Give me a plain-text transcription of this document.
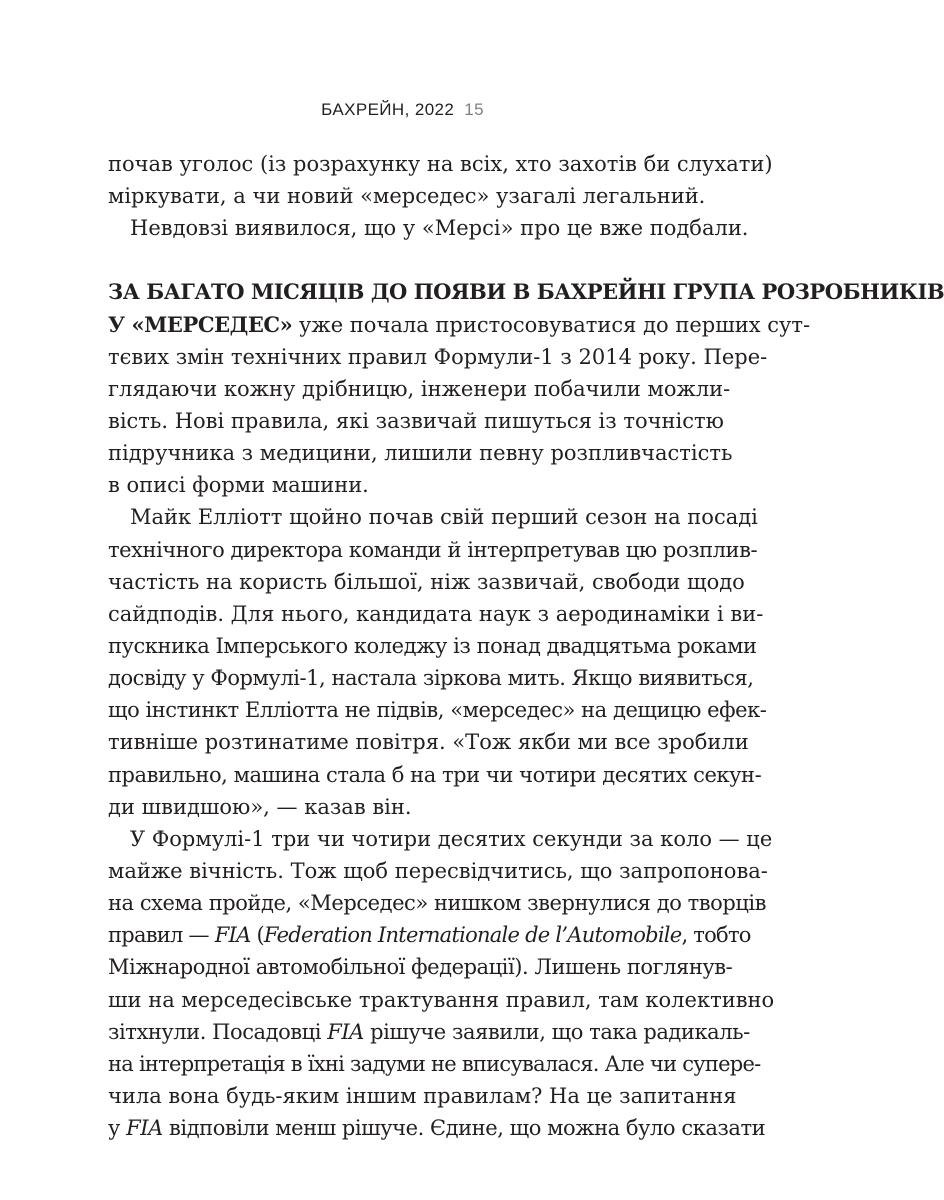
БАХРЕЙН, 2022 15
почав уголос (із розрахунку на всіх, хто захотів би слухати)
міркувати, а чи новий «мерседес» узагалі легальний.
Невдовзі виявилося, що у «Мерсі» про це вже подбали.
ЗА БАГАТО МІСЯЦІВ ДО ПОЯВИ В БАХРЕЙНІ ГРУПА РОЗРОБНИКІВ
У «МЕРСЕДЕС» уже почала пристосовуватися до перших сут-
тєвих змін технічних правил Формули-1 з 2014 року. Пере-
глядаючи кожну дрібницю, інженери побачили можли-
вість. Нові правила, які зазвичай пишуться із точністю
підручника з медицини, лишили певну розпливчастість
в описі форми машини.
Майк Елліотт щойно почав свій перший сезон на посаді
технічного директора команди й інтерпретував цю розплив-
частість на користь більшої, ніж зазвичай, свободи щодо
сайдподів. Для нього, кандидата наук з аеродинаміки і ви-
пускника Імперського коледжу із понад двадцятьма роками
досвіду у Формулі-1, настала зіркова мить. Якщо виявиться,
що інстинкт Елліотта не підвів, «мерседес» на дещицю ефек-
тивніше розтинатиме повітря. «Тож якби ми все зробили
правильно, машина стала б на три чи чотири десятих секун-
ди швидшою», — казав він.
У Формулі-1 три чи чотири десятих секунди за коло — це
майже вічність. Тож щоб пересвідчитись, що запропонова-
на схема пройде, «Мерседес» нишком звернулися до творців
правил — FIA (Federation Internationale de l’Automobile, тобто
Міжнародної автомобільної федерації). Лишень поглянув-
ши на мерседесівське трактування правил, там колективно
зітхнули. Посадовці FIA рішуче заявили, що така радикаль-
на інтерпретація в їхні задуми не вписувалася. Але чи супере-
чила вона будь-яким іншим правилам? На це запитання
у FIA відповіли менш рішуче. Єдине, що можна було сказати
